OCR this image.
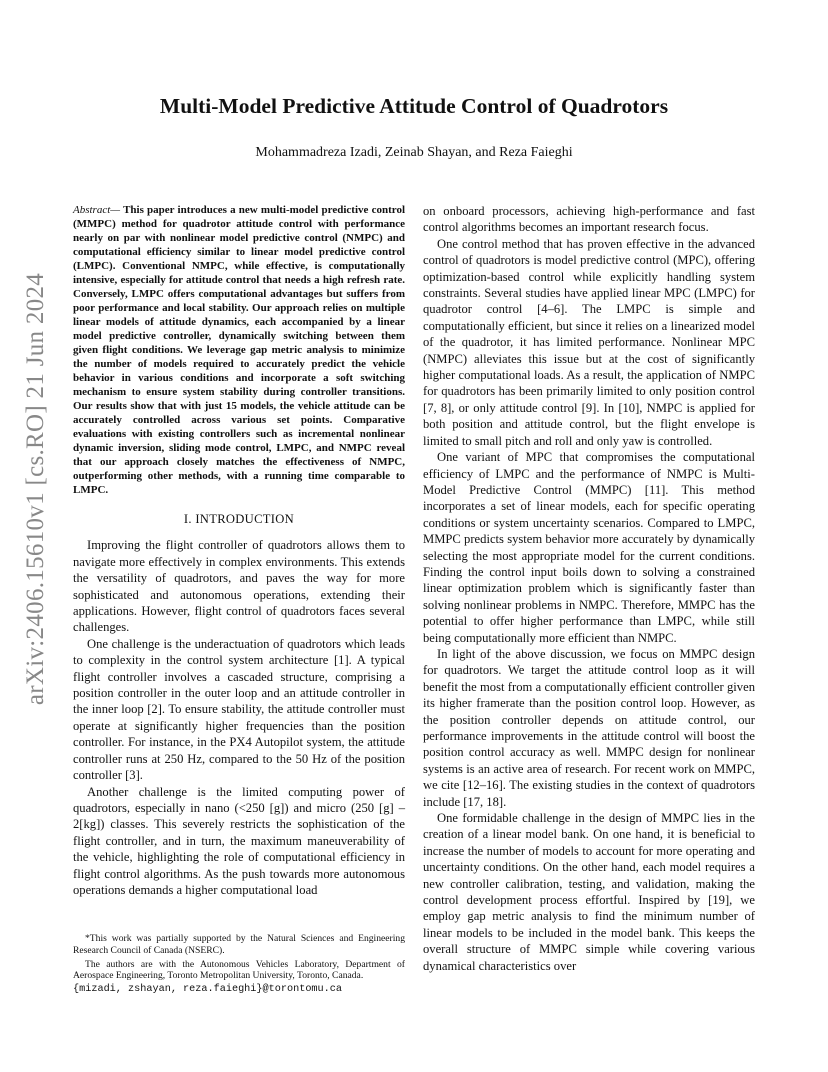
arXiv:2406.15610v1 [cs.RO] 21 Jun 2024
Multi-Model Predictive Attitude Control of Quadrotors
Mohammadreza Izadi, Zeinab Shayan, and Reza Faieghi
Abstract— This paper introduces a new multi-model predictive control (MMPC) method for quadrotor attitude control with performance nearly on par with nonlinear model predictive control (NMPC) and computational efficiency similar to linear model predictive control (LMPC). Conventional NMPC, while effective, is computationally intensive, especially for attitude control that needs a high refresh rate. Conversely, LMPC offers computational advantages but suffers from poor performance and local stability. Our approach relies on multiple linear models of attitude dynamics, each accompanied by a linear model predictive controller, dynamically switching between them given flight conditions. We leverage gap metric analysis to minimize the number of models required to accurately predict the vehicle behavior in various conditions and incorporate a soft switching mechanism to ensure system stability during controller transitions. Our results show that with just 15 models, the vehicle attitude can be accurately controlled across various set points. Comparative evaluations with existing controllers such as incremental nonlinear dynamic inversion, sliding mode control, LMPC, and NMPC reveal that our approach closely matches the effectiveness of NMPC, outperforming other methods, with a running time comparable to LMPC.
I. INTRODUCTION

Improving the flight controller of quadrotors allows them to navigate more effectively in complex environments. This extends the versatility of quadrotors, and paves the way for more sophisticated and autonomous operations, extending their applications. However, flight control of quadrotors faces several challenges.

One challenge is the underactuation of quadrotors which leads to complexity in the control system architecture [1]. A typical flight controller involves a cascaded structure, comprising a position controller in the outer loop and an attitude controller in the inner loop [2]. To ensure stability, the attitude controller must operate at significantly higher frequencies than the position controller. For instance, in the PX4 Autopilot system, the attitude controller runs at 250 Hz, compared to the 50 Hz of the position controller [3].

Another challenge is the limited computing power of quadrotors, especially in nano (<250 [g]) and micro (250 [g] – 2[kg]) classes. This severely restricts the sophistication of the flight controller, and in turn, the maximum maneuverability of the vehicle, highlighting the role of computational efficiency in flight control algorithms. As the push towards more autonomous operations demands a higher computational load

*This work was partially supported by the Natural Sciences and Engineering Research Council of Canada (NSERC).

The authors are with the Autonomous Vehicles Laboratory, Department of Aerospace Engineering, Toronto Metropolitan University, Toronto, Canada.

{mizadi, zshayan, reza.faieghi}@torontomu.ca

on onboard processors, achieving high-performance and fast control algorithms becomes an important research focus.

One control method that has proven effective in the advanced control of quadrotors is model predictive control (MPC), offering optimization-based control while explicitly handling system constraints. Several studies have applied linear MPC (LMPC) for quadrotor control [4–6]. The LMPC is simple and computationally efficient, but since it relies on a linearized model of the quadrotor, it has limited performance. Nonlinear MPC (NMPC) alleviates this issue but at the cost of significantly higher computational loads. As a result, the application of NMPC for quadrotors has been primarily limited to only position control [7, 8], or only attitude control [9]. In [10], NMPC is applied for both position and attitude control, but the flight envelope is limited to small pitch and roll and only yaw is controlled.

One variant of MPC that compromises the computational efficiency of LMPC and the performance of NMPC is Multi-Model Predictive Control (MMPC) [11]. This method incorporates a set of linear models, each for specific operating conditions or system uncertainty scenarios. Compared to LMPC, MMPC predicts system behavior more accurately by dynamically selecting the most appropriate model for the current conditions. Finding the control input boils down to solving a constrained linear optimization problem which is significantly faster than solving nonlinear problems in NMPC. Therefore, MMPC has the potential to offer higher performance than LMPC, while still being computationally more efficient than NMPC.

In light of the above discussion, we focus on MMPC design for quadrotors. We target the attitude control loop as it will benefit the most from a computationally efficient controller given its higher framerate than the position control loop. However, as the position controller depends on attitude control, our performance improvements in the attitude control will boost the position control accuracy as well. MMPC design for nonlinear systems is an active area of research. For recent work on MMPC, we cite [12–16]. The existing studies in the context of quadrotors include [17, 18].

One formidable challenge in the design of MMPC lies in the creation of a linear model bank. On one hand, it is beneficial to increase the number of models to account for more operating and uncertainty conditions. On the other hand, each model requires a new controller calibration, testing, and validation, making the control development process effortful. Inspired by [19], we employ gap metric analysis to find the minimum number of linear models to be included in the model bank. This keeps the overall structure of MMPC simple while covering various dynamical characteristics over
